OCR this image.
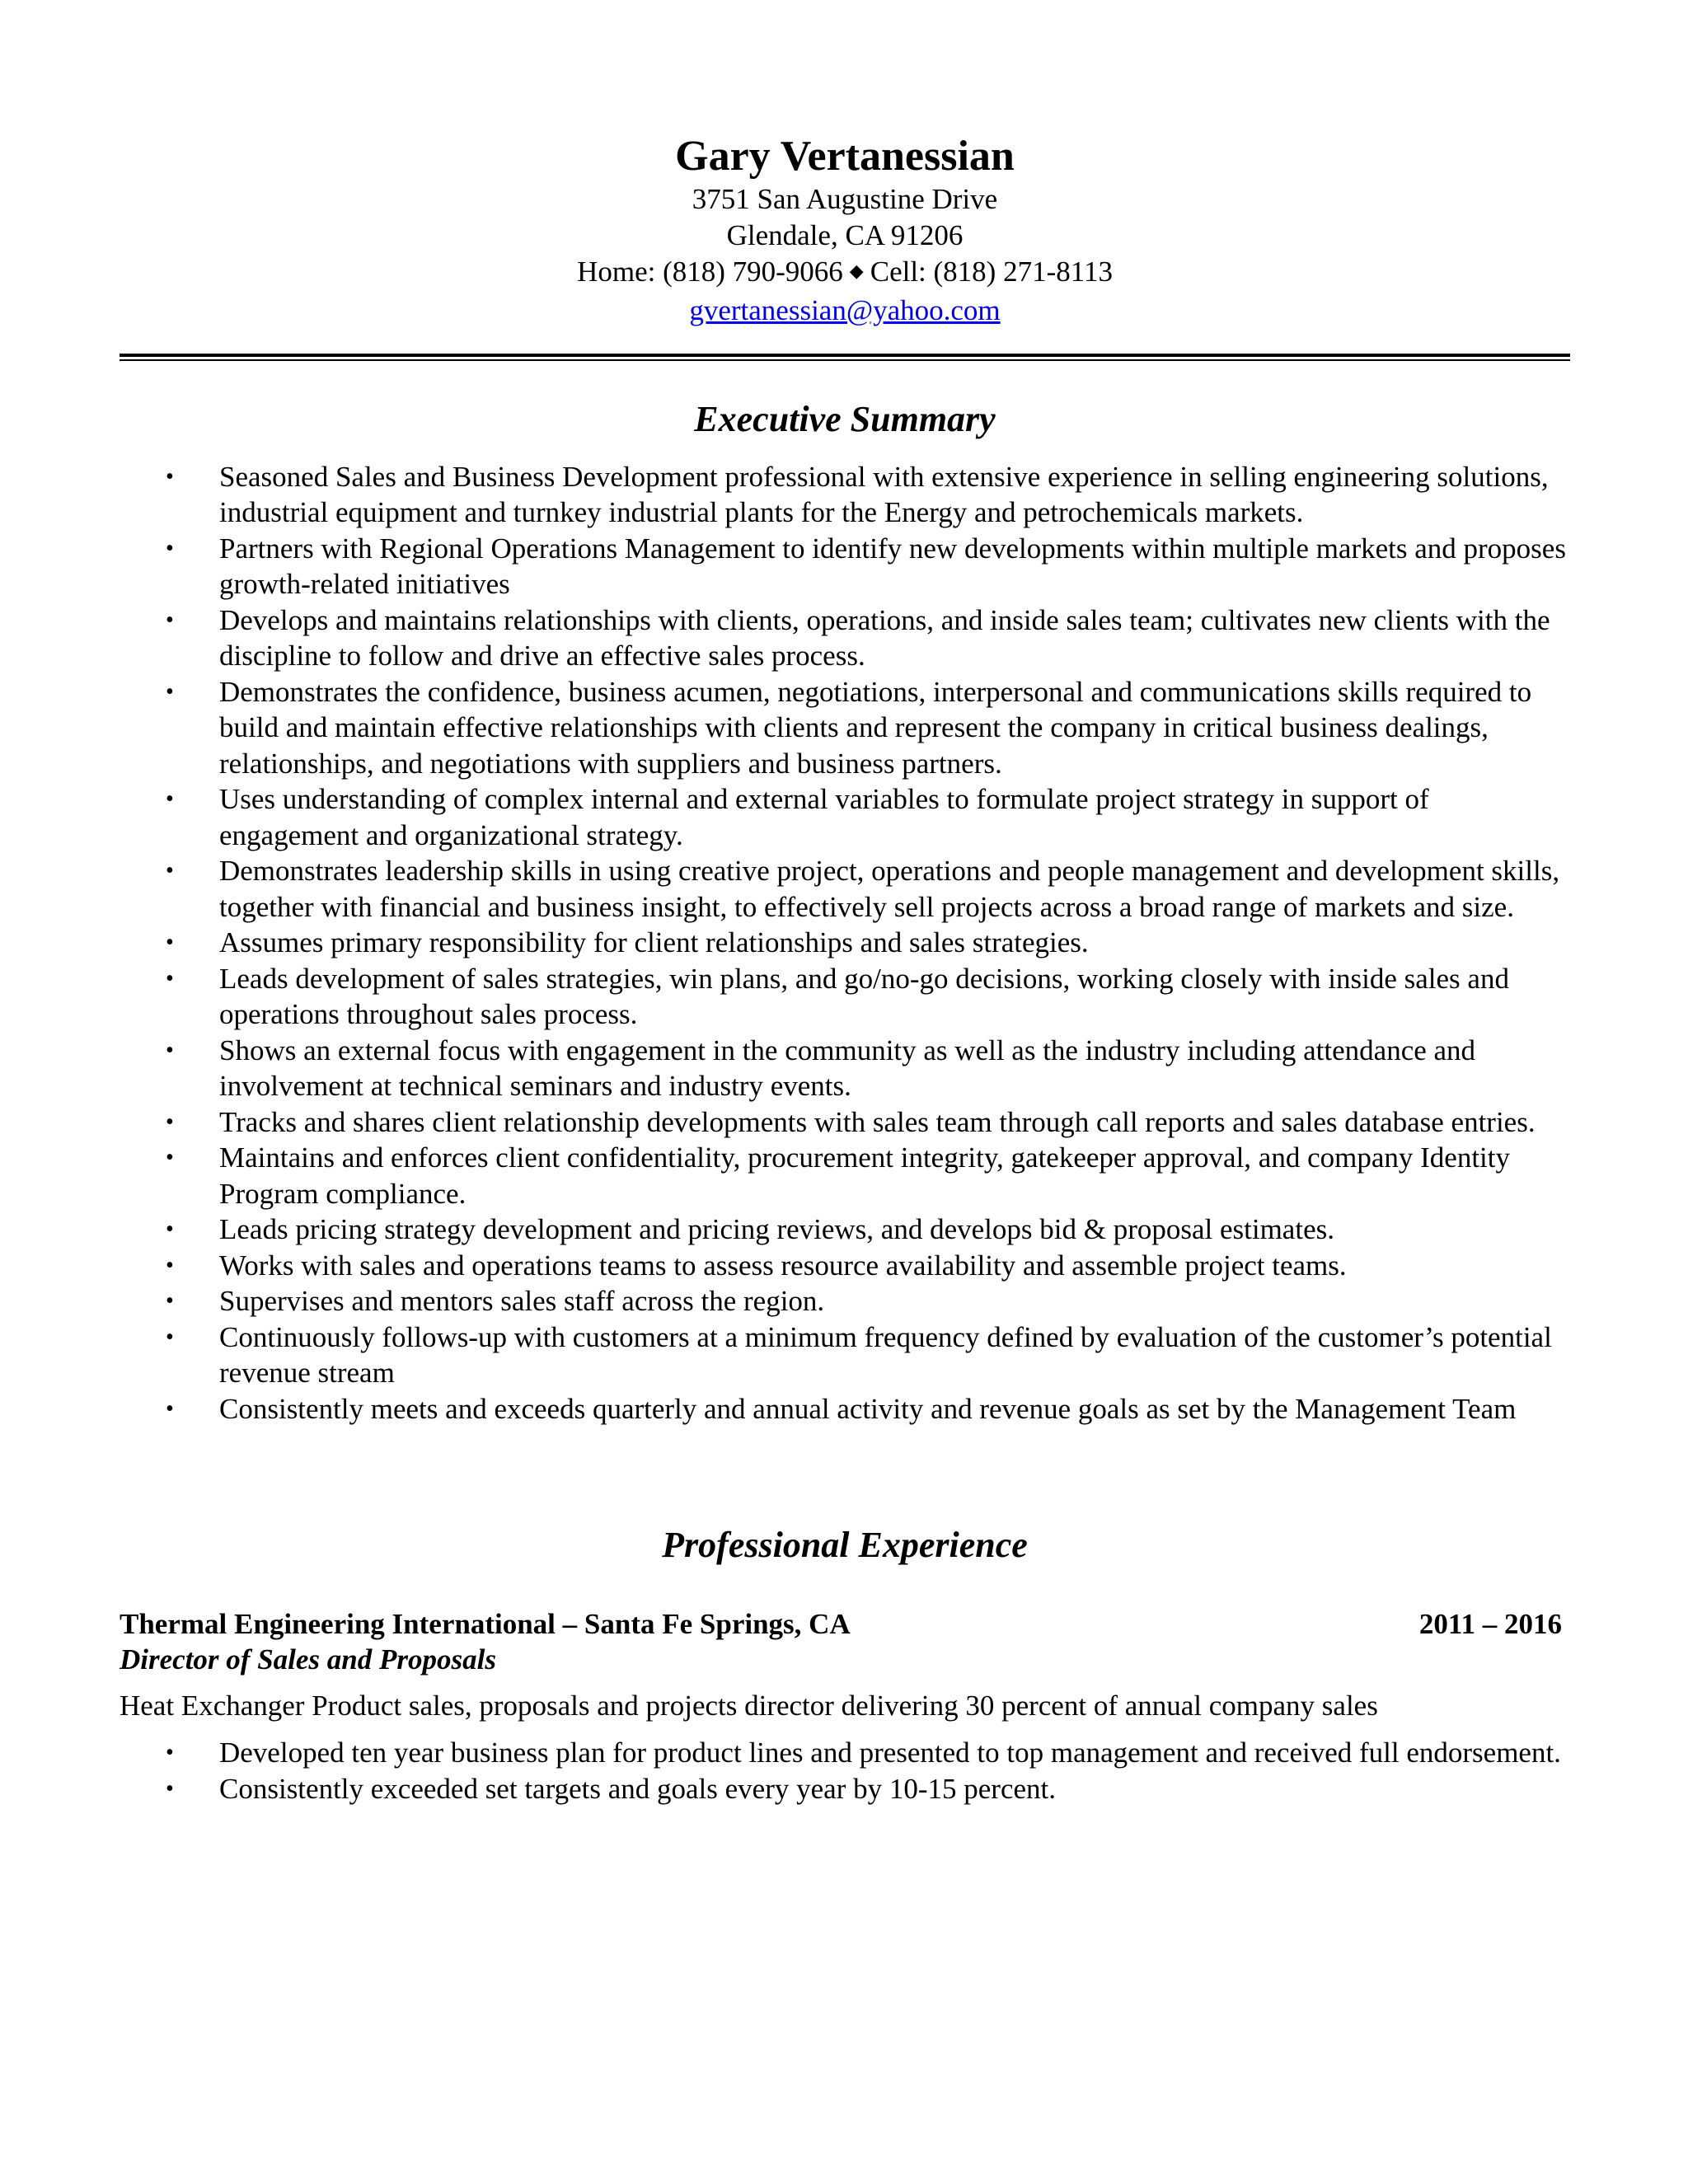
Gary Vertanessian

3751 San Augustine Drive

Glendale, CA 91206

Home: (818) 790-9066 ◆ Cell: (818) 271-8113

gvertanessian@yahoo.com

Executive Summary
• Seasoned Sales and Business Development professional with extensive experience in selling engineering solutions, industrial equipment and turnkey industrial plants for the Energy and petrochemicals markets.
• Partners with Regional Operations Management to identify new developments within multiple markets and proposes growth-related initiatives
• Develops and maintains relationships with clients, operations, and inside sales team; cultivates new clients with the discipline to follow and drive an effective sales process.
• Demonstrates the confidence, business acumen, negotiations, interpersonal and communications skills required to build and maintain effective relationships with clients and represent the company in critical business dealings, relationships, and negotiations with suppliers and business partners.
• Uses understanding of complex internal and external variables to formulate project strategy in support of engagement and organizational strategy.
• Demonstrates leadership skills in using creative project, operations and people management and development skills, together with financial and business insight, to effectively sell projects across a broad range of markets and size.
• Assumes primary responsibility for client relationships and sales strategies.
• Leads development of sales strategies, win plans, and go/no-go decisions, working closely with inside sales and operations throughout sales process.
• Shows an external focus with engagement in the community as well as the industry including attendance and involvement at technical seminars and industry events.
• Tracks and shares client relationship developments with sales team through call reports and sales database entries.
• Maintains and enforces client confidentiality, procurement integrity, gatekeeper approval, and company Identity Program compliance.
• Leads pricing strategy development and pricing reviews, and develops bid & proposal estimates.
• Works with sales and operations teams to assess resource availability and assemble project teams.
• Supervises and mentors sales staff across the region.
• Continuously follows-up with customers at a minimum frequency defined by evaluation of the customer’s potential revenue stream
• Consistently meets and exceeds quarterly and annual activity and revenue goals as set by the Management Team
Professional Experience
Thermal Engineering International – Santa Fe Springs, CA	2011 – 2016
Director of Sales and Proposals
Heat Exchanger Product sales, proposals and projects director delivering 30 percent of annual company sales
• Developed ten year business plan for product lines and presented to top management and received full endorsement.
• Consistently exceeded set targets and goals every year by 10-15 percent.
